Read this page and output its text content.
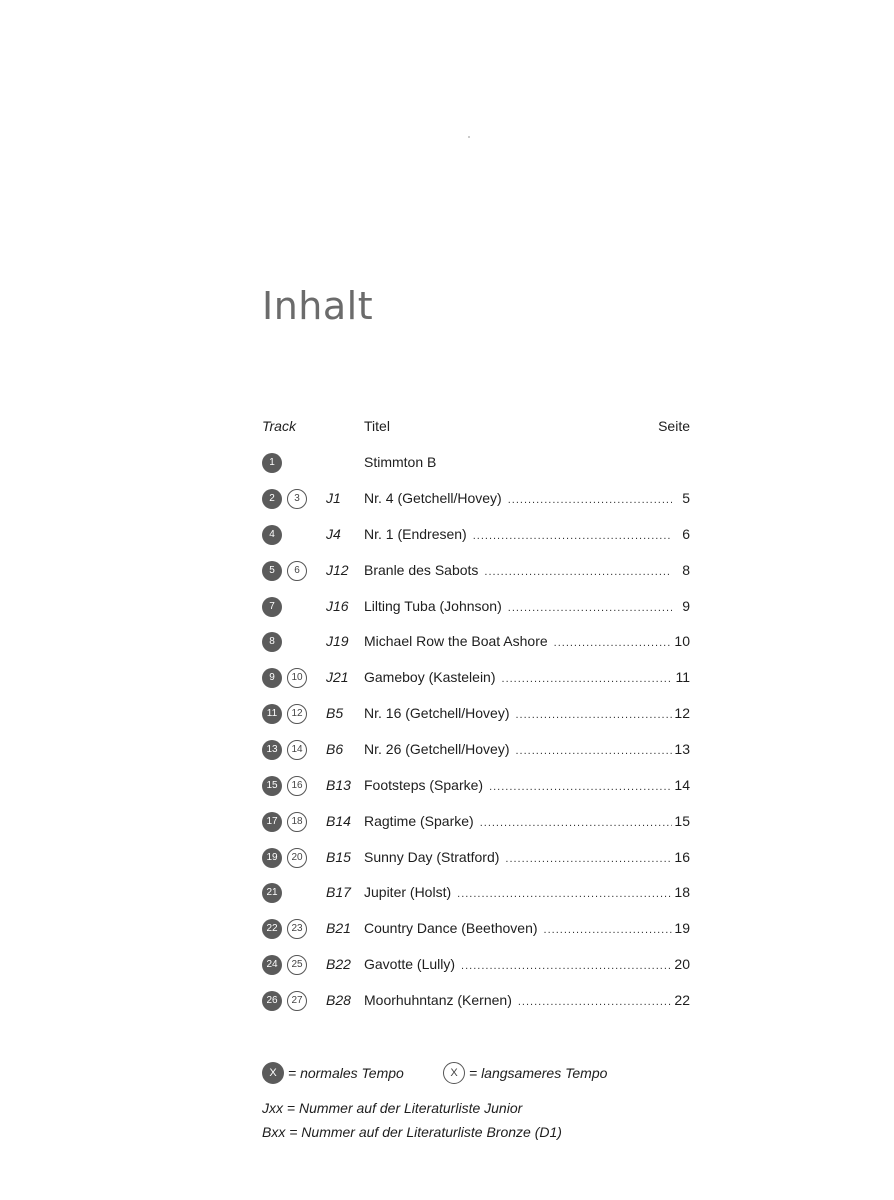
Inhalt
Track	Titel	Seite
1	Stimmton B
2	3	J1 Nr. 4 (Getchell/Hovey) .....	5
4	J4 Nr. 1 (Endresen) .....	6
5	6	J12 Branle des Sabots .....	8
7	J16 Lilting Tuba (Johnson) .....	9
8	J19 Michael Row the Boat Ashore .....	10
9	10	J21 Gameboy (Kastelein) .....	11
11	12	B5 Nr. 16 (Getchell/Hovey) .....	12
13	14	B6 Nr. 26 (Getchell/Hovey) .....	13
15	16	B13 Footsteps (Sparke) .....	14
17	18	B14 Ragtime (Sparke) .....	15
19	20	B15 Sunny Day (Stratford) .....	16
21	B17 Jupiter (Holst) .....	18
22	23	B21 Country Dance (Beethoven) .....	19
24	25	B22 Gavotte (Lully) .....	20
26	27	B28 Moorhuhntanz (Kernen) .....	22
X = normales Tempo	X = langsameres Tempo
Jxx = Nummer auf der Literaturliste Junior
Bxx = Nummer auf der Literaturliste Bronze (D1)
